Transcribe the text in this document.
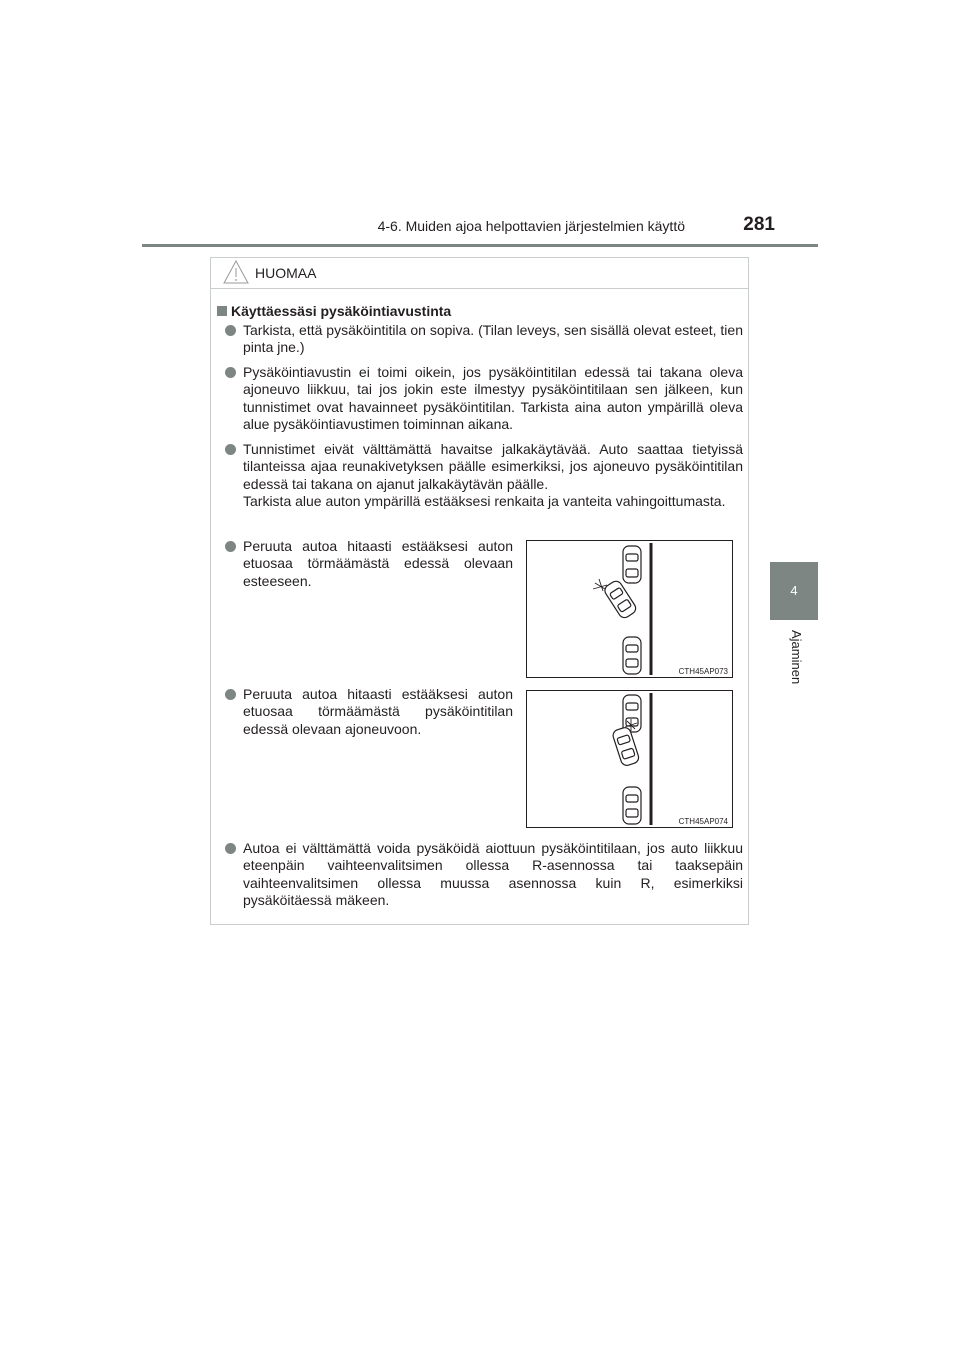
4-6. Muiden ajoa helpottavien järjestelmien käyttö	281
4
Ajaminen
HUOMAA
Käyttäessäsi pysäköintiavustinta
Tarkista, että pysäköintitila on sopiva. (Tilan leveys, sen sisällä olevat esteet, tien pinta jne.)
Pysäköintiavustin ei toimi oikein, jos pysäköintitilan edessä tai takana oleva ajoneuvo liikkuu, tai jos jokin este ilmestyy pysäköintitilaan sen jälkeen, kun tunnistimet ovat havainneet pysäköintitilan. Tarkista aina auton ympärillä oleva alue pysäköintiavustimen toiminnan aikana.
Tunnistimet eivät välttämättä havaitse jalkakäytävää. Auto saattaa tietyissä tilanteissa ajaa reunakivetyksen päälle esimerkiksi, jos ajoneuvo pysäköintitilan edessä tai takana on ajanut jalkakäytävän päälle.
Tarkista alue auton ympärillä estääksesi renkaita ja vanteita vahingoittumasta.
Peruuta autoa hitaasti estääksesi auton etuosaa törmäämästä edessä olevaan esteeseen.
CTH45AP073
Peruuta autoa hitaasti estääksesi auton etuosaa törmäämästä pysäköintitilan edessä olevaan ajoneuvoon.
CTH45AP074
Autoa ei välttämättä voida pysäköidä aiottuun pysäköintitilaan, jos auto liikkuu eteenpäin vaihteenvalitsimen ollessa R-asennossa tai taaksepäin vaihteenvalitsimen ollessa muussa asennossa kuin R, esimerkiksi pysäköitäessä mäkeen.
